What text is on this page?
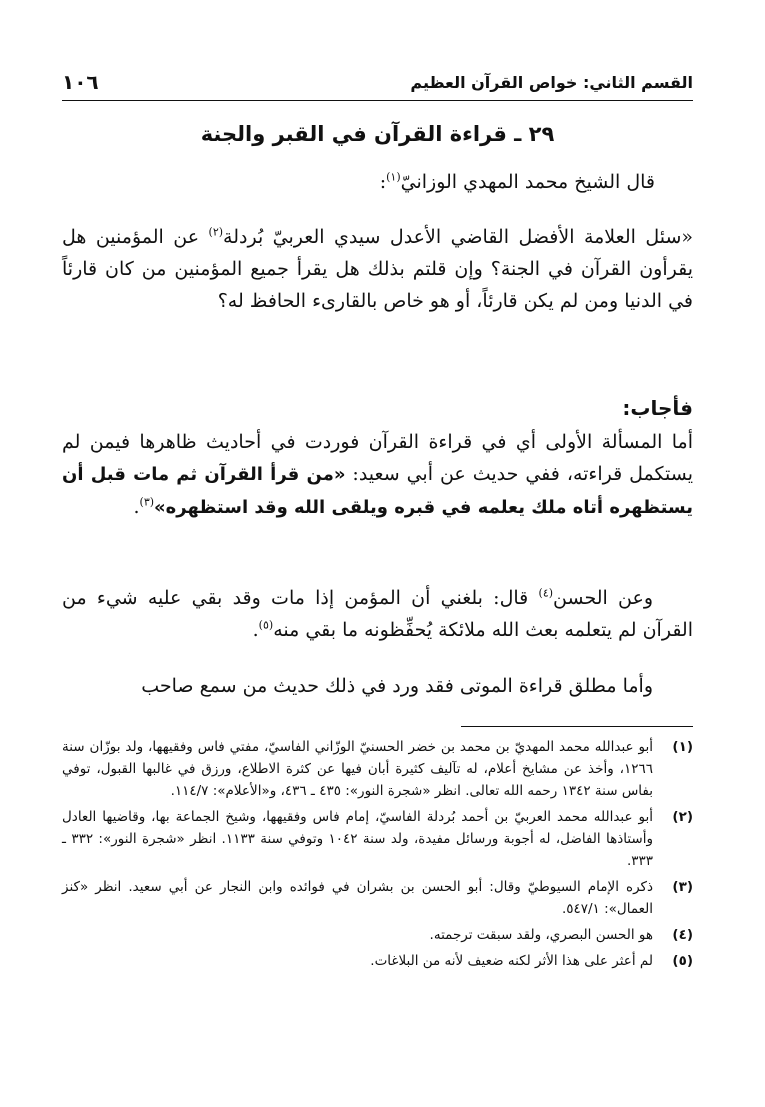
القسم الثاني: خواص القرآن العظيم
١٠٦
٢٩ ـ قراءة القرآن في القبر والجنة
قال الشيخ محمد المهدي الوزانيّ$^{(١)}$:
«سئل العلامة الأفضل القاضي الأعدل سيدي العربيّ بُردلة$^{(٢)}$ عن المؤمنين هل يقرأون القرآن في الجنة؟ وإن قلتم بذلك هل يقرأ جميع المؤمنين من كان قارئاً في الدنيا ومن لم يكن قارئاً، أو هو خاص بالقارىء الحافظ له؟
فأجاب:
أما المسألة الأولى أي في قراءة القرآن فوردت في أحاديث ظاهرها فيمن لم يستكمل قراءته، ففي حديث عن أبي سعيد: «من قرأ القرآن ثم مات قبل أن يستظهره أتاه ملك يعلمه في قبره ويلقى الله وقد استظهره»$^{(٣)}$.
وعن الحسن$^{(٤)}$ قال: بلغني أن المؤمن إذا مات وقد بقي عليه شيء من القرآن لم يتعلمه بعث الله ملائكة يُحفِّظونه ما بقي منه$^{(٥)}$.
وأما مطلق قراءة الموتى فقد ورد في ذلك حديث من سمع صاحب
(١)
أبو عبدالله محمد المهديّ بن محمد بن خضر الحسنيّ الوزّاني الفاسيّ، مفتي فاس وفقيهها، ولد بوزّان سنة ١٢٦٦، وأخذ عن مشايخ أعلام، له تآليف كثيرة أبان فيها عن كثرة الاطلاع، ورزق في غالبها القبول، توفي بفاس سنة ١٣٤٢ رحمه الله تعالى. انظر «شجرة النور»: ٤٣٥ ـ ٤٣٦، و«الأعلام»: ١١٤/٧.
(٢)
أبو عبدالله محمد العربيّ بن أحمد بُردلة الفاسيّ، إمام فاس وفقيهها، وشيخ الجماعة بها، وقاضيها العادل وأستاذها الفاضل، له أجوبة ورسائل مفيدة، ولد سنة ١٠٤٢ وتوفي سنة ١١٣٣. انظر «شجرة النور»: ٣٣٢ ـ ٣٣٣.
(٣)
ذكره الإمام السيوطيّ وقال: أبو الحسن بن بشران في فوائده وابن النجار عن أبي سعيد. انظر «كنز العمال»: ٥٤٧/١.
(٤)
هو الحسن البصري، ولقد سبقت ترجمته.
(٥)
لم أعثر على هذا الأثر لكنه ضعيف لأنه من البلاغات.
